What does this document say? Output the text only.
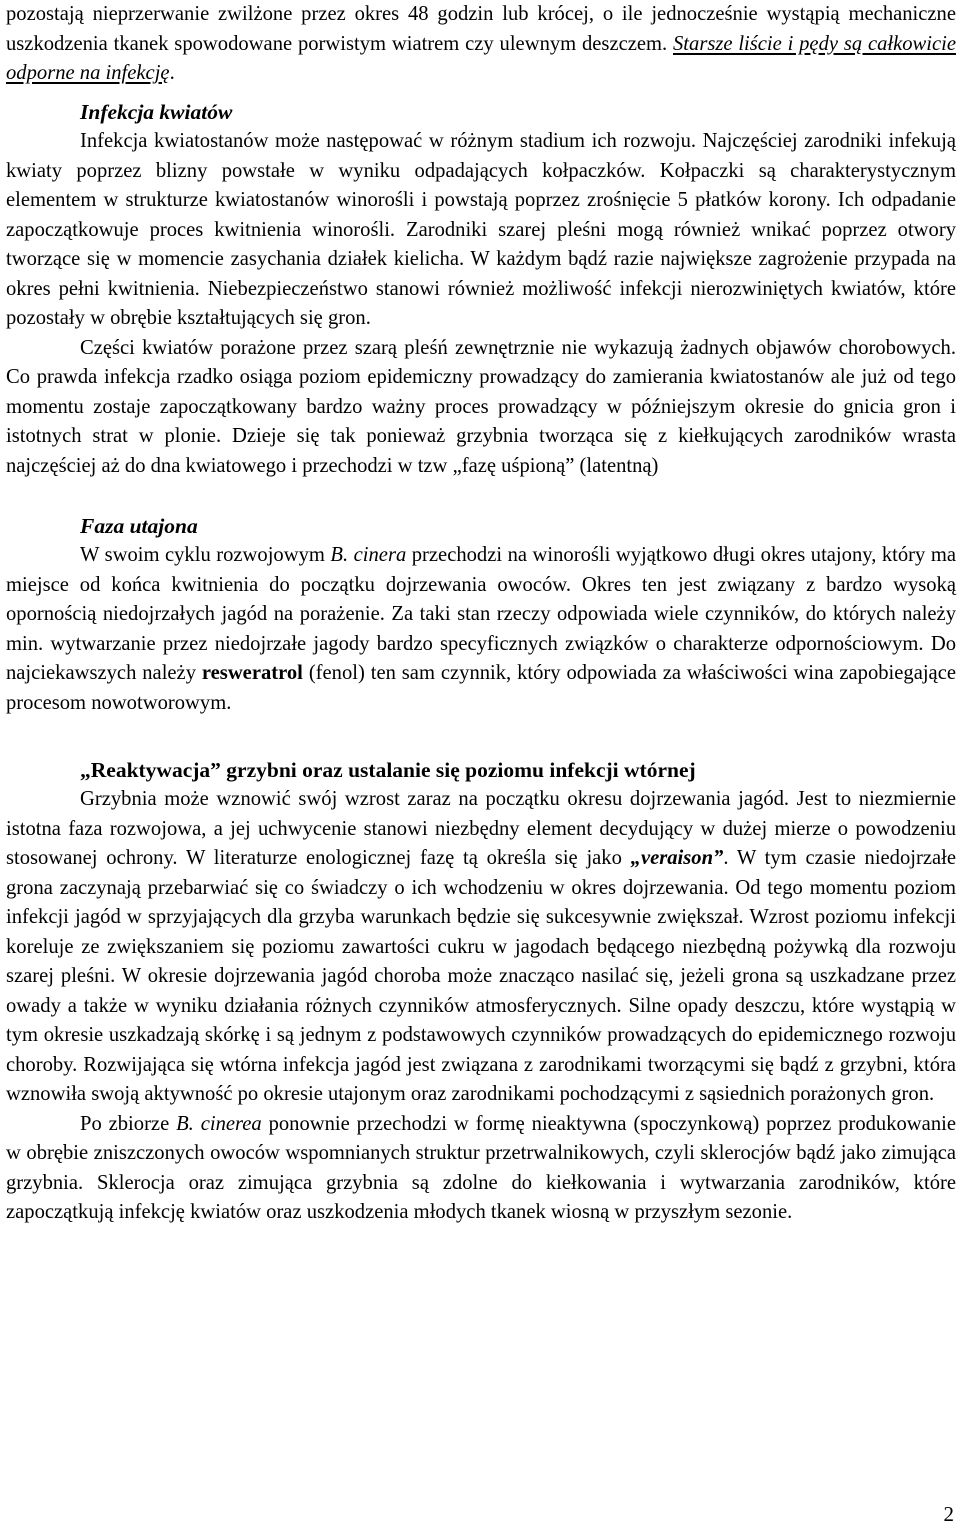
pozostają nieprzerwanie zwilżone przez okres 48 godzin lub krócej, o ile jednocześnie wystąpią mechaniczne uszkodzenia tkanek spowodowane porwistym wiatrem czy ulewnym deszczem. Starsze liście i pędy są całkowicie odporne na infekcję.

Infekcja kwiatów

Infekcja kwiatostanów może następować w różnym stadium ich rozwoju. Najczęściej zarodniki infekują kwiaty poprzez blizny powstałe w wyniku odpadających kołpaczków. Kołpaczki są charakterystycznym elementem w strukturze kwiatostanów winorośli i powstają poprzez zrośnięcie 5 płatków korony. Ich odpadanie zapoczątkowuje proces kwitnienia winorośli. Zarodniki szarej pleśni mogą również wnikać poprzez otwory tworzące się w momencie zasychania działek kielicha. W każdym bądź razie największe zagrożenie przypada na okres pełni kwitnienia. Niebezpieczeństwo stanowi również możliwość infekcji nierozwiniętych kwiatów, które pozostały w obrębie kształtujących się gron.

Części kwiatów porażone przez szarą pleśń zewnętrznie nie wykazują żadnych objawów chorobowych. Co prawda infekcja rzadko osiąga poziom epidemiczny prowadzący do zamierania kwiatostanów ale już od tego momentu zostaje zapoczątkowany bardzo ważny proces prowadzący w późniejszym okresie do gnicia gron i istotnych strat w plonie. Dzieje się tak ponieważ grzybnia tworząca się z kiełkujących zarodników wrasta najczęściej aż do dna kwiatowego i przechodzi w tzw „fazę uśpioną” (latentną)

Faza utajona

W swoim cyklu rozwojowym B. cinera przechodzi na winorośli wyjątkowo długi okres utajony, który ma miejsce od końca kwitnienia do początku dojrzewania owoców. Okres ten jest związany z bardzo wysoką opornością niedojrzałych jagód na porażenie. Za taki stan rzeczy odpowiada wiele czynników, do których należy min. wytwarzanie przez niedojrzałe jagody bardzo specyficznych związków o charakterze odpornościowym. Do najciekawszych należy resweratrol (fenol) ten sam czynnik, który odpowiada za właściwości wina zapobiegające procesom nowotworowym.

„Reaktywacja” grzybni oraz ustalanie się poziomu infekcji wtórnej

Grzybnia może wznowić swój wzrost zaraz na początku okresu dojrzewania jagód. Jest to niezmiernie istotna faza rozwojowa, a jej uchwycenie stanowi niezbędny element decydujący w dużej mierze o powodzeniu stosowanej ochrony. W literaturze enologicznej fazę tą określa się jako „veraison”. W tym czasie niedojrzałe grona zaczynają przebarwiać się co świadczy o ich wchodzeniu w okres dojrzewania. Od tego momentu poziom infekcji jagód w sprzyjających dla grzyba warunkach będzie się sukcesywnie zwiększał. Wzrost poziomu infekcji koreluje ze zwiększaniem się poziomu zawartości cukru w jagodach będącego niezbędną pożywką dla rozwoju szarej pleśni. W okresie dojrzewania jagód choroba może znacząco nasilać się, jeżeli grona są uszkadzane przez owady a także w wyniku działania różnych czynników atmosferycznych. Silne opady deszczu, które wystąpią w tym okresie uszkadzają skórkę i są jednym z podstawowych czynników prowadzących do epidemicznego rozwoju choroby. Rozwijająca się wtórna infekcja jagód jest związana z zarodnikami tworzącymi się bądź z grzybni, która wznowiła swoją aktywność po okresie utajonym oraz zarodnikami pochodzącymi z sąsiednich porażonych gron.

Po zbiorze B. cinerea ponownie przechodzi w formę nieaktywna (spoczynkową) poprzez produkowanie w obrębie zniszczonych owoców wspomnianych struktur przetrwalnikowych, czyli sklerocjów bądź jako zimująca grzybnia. Sklerocja oraz zimująca grzybnia są zdolne do kiełkowania i wytwarzania zarodników, które zapoczątkują infekcję kwiatów oraz uszkodzenia młodych tkanek wiosną w przyszłym sezonie.

2
